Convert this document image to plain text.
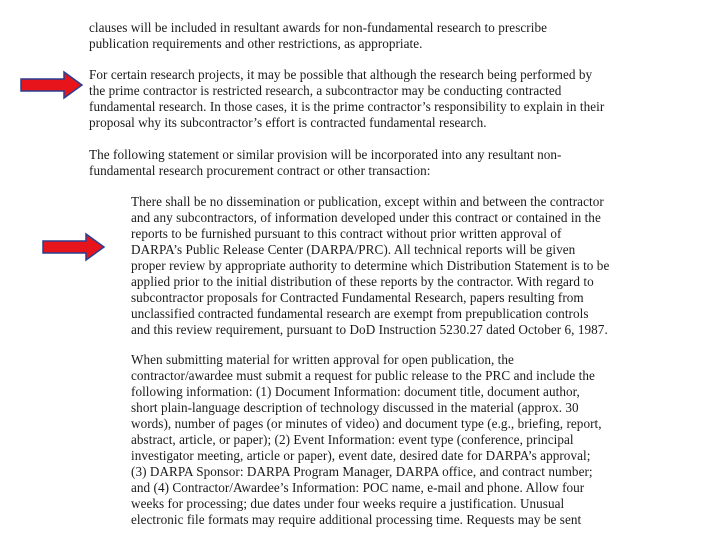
clauses will be included in resultant awards for non-fundamental research to prescribe
publication requirements and other restrictions, as appropriate.
For certain research projects, it may be possible that although the research being performed by
the prime contractor is restricted research, a subcontractor may be conducting contracted
fundamental research. In those cases, it is the prime contractor’s responsibility to explain in their
proposal why its subcontractor’s effort is contracted fundamental research.
The following statement or similar provision will be incorporated into any resultant non-
fundamental research procurement contract or other transaction:
There shall be no dissemination or publication, except within and between the contractor
and any subcontractors, of information developed under this contract or contained in the
reports to be furnished pursuant to this contract without prior written approval of
DARPA’s Public Release Center (DARPA/PRC). All technical reports will be given
proper review by appropriate authority to determine which Distribution Statement is to be
applied prior to the initial distribution of these reports by the contractor. With regard to
subcontractor proposals for Contracted Fundamental Research, papers resulting from
unclassified contracted fundamental research are exempt from prepublication controls
and this review requirement, pursuant to DoD Instruction 5230.27 dated October 6, 1987.
When submitting material for written approval for open publication, the
contractor/awardee must submit a request for public release to the PRC and include the
following information: (1) Document Information: document title, document author,
short plain-language description of technology discussed in the material (approx. 30
words), number of pages (or minutes of video) and document type (e.g., briefing, report,
abstract, article, or paper); (2) Event Information: event type (conference, principal
investigator meeting, article or paper), event date, desired date for DARPA’s approval;
(3) DARPA Sponsor: DARPA Program Manager, DARPA office, and contract number;
and (4) Contractor/Awardee’s Information: POC name, e-mail and phone. Allow four
weeks for processing; due dates under four weeks require a justification. Unusual
electronic file formats may require additional processing time. Requests may be sent
